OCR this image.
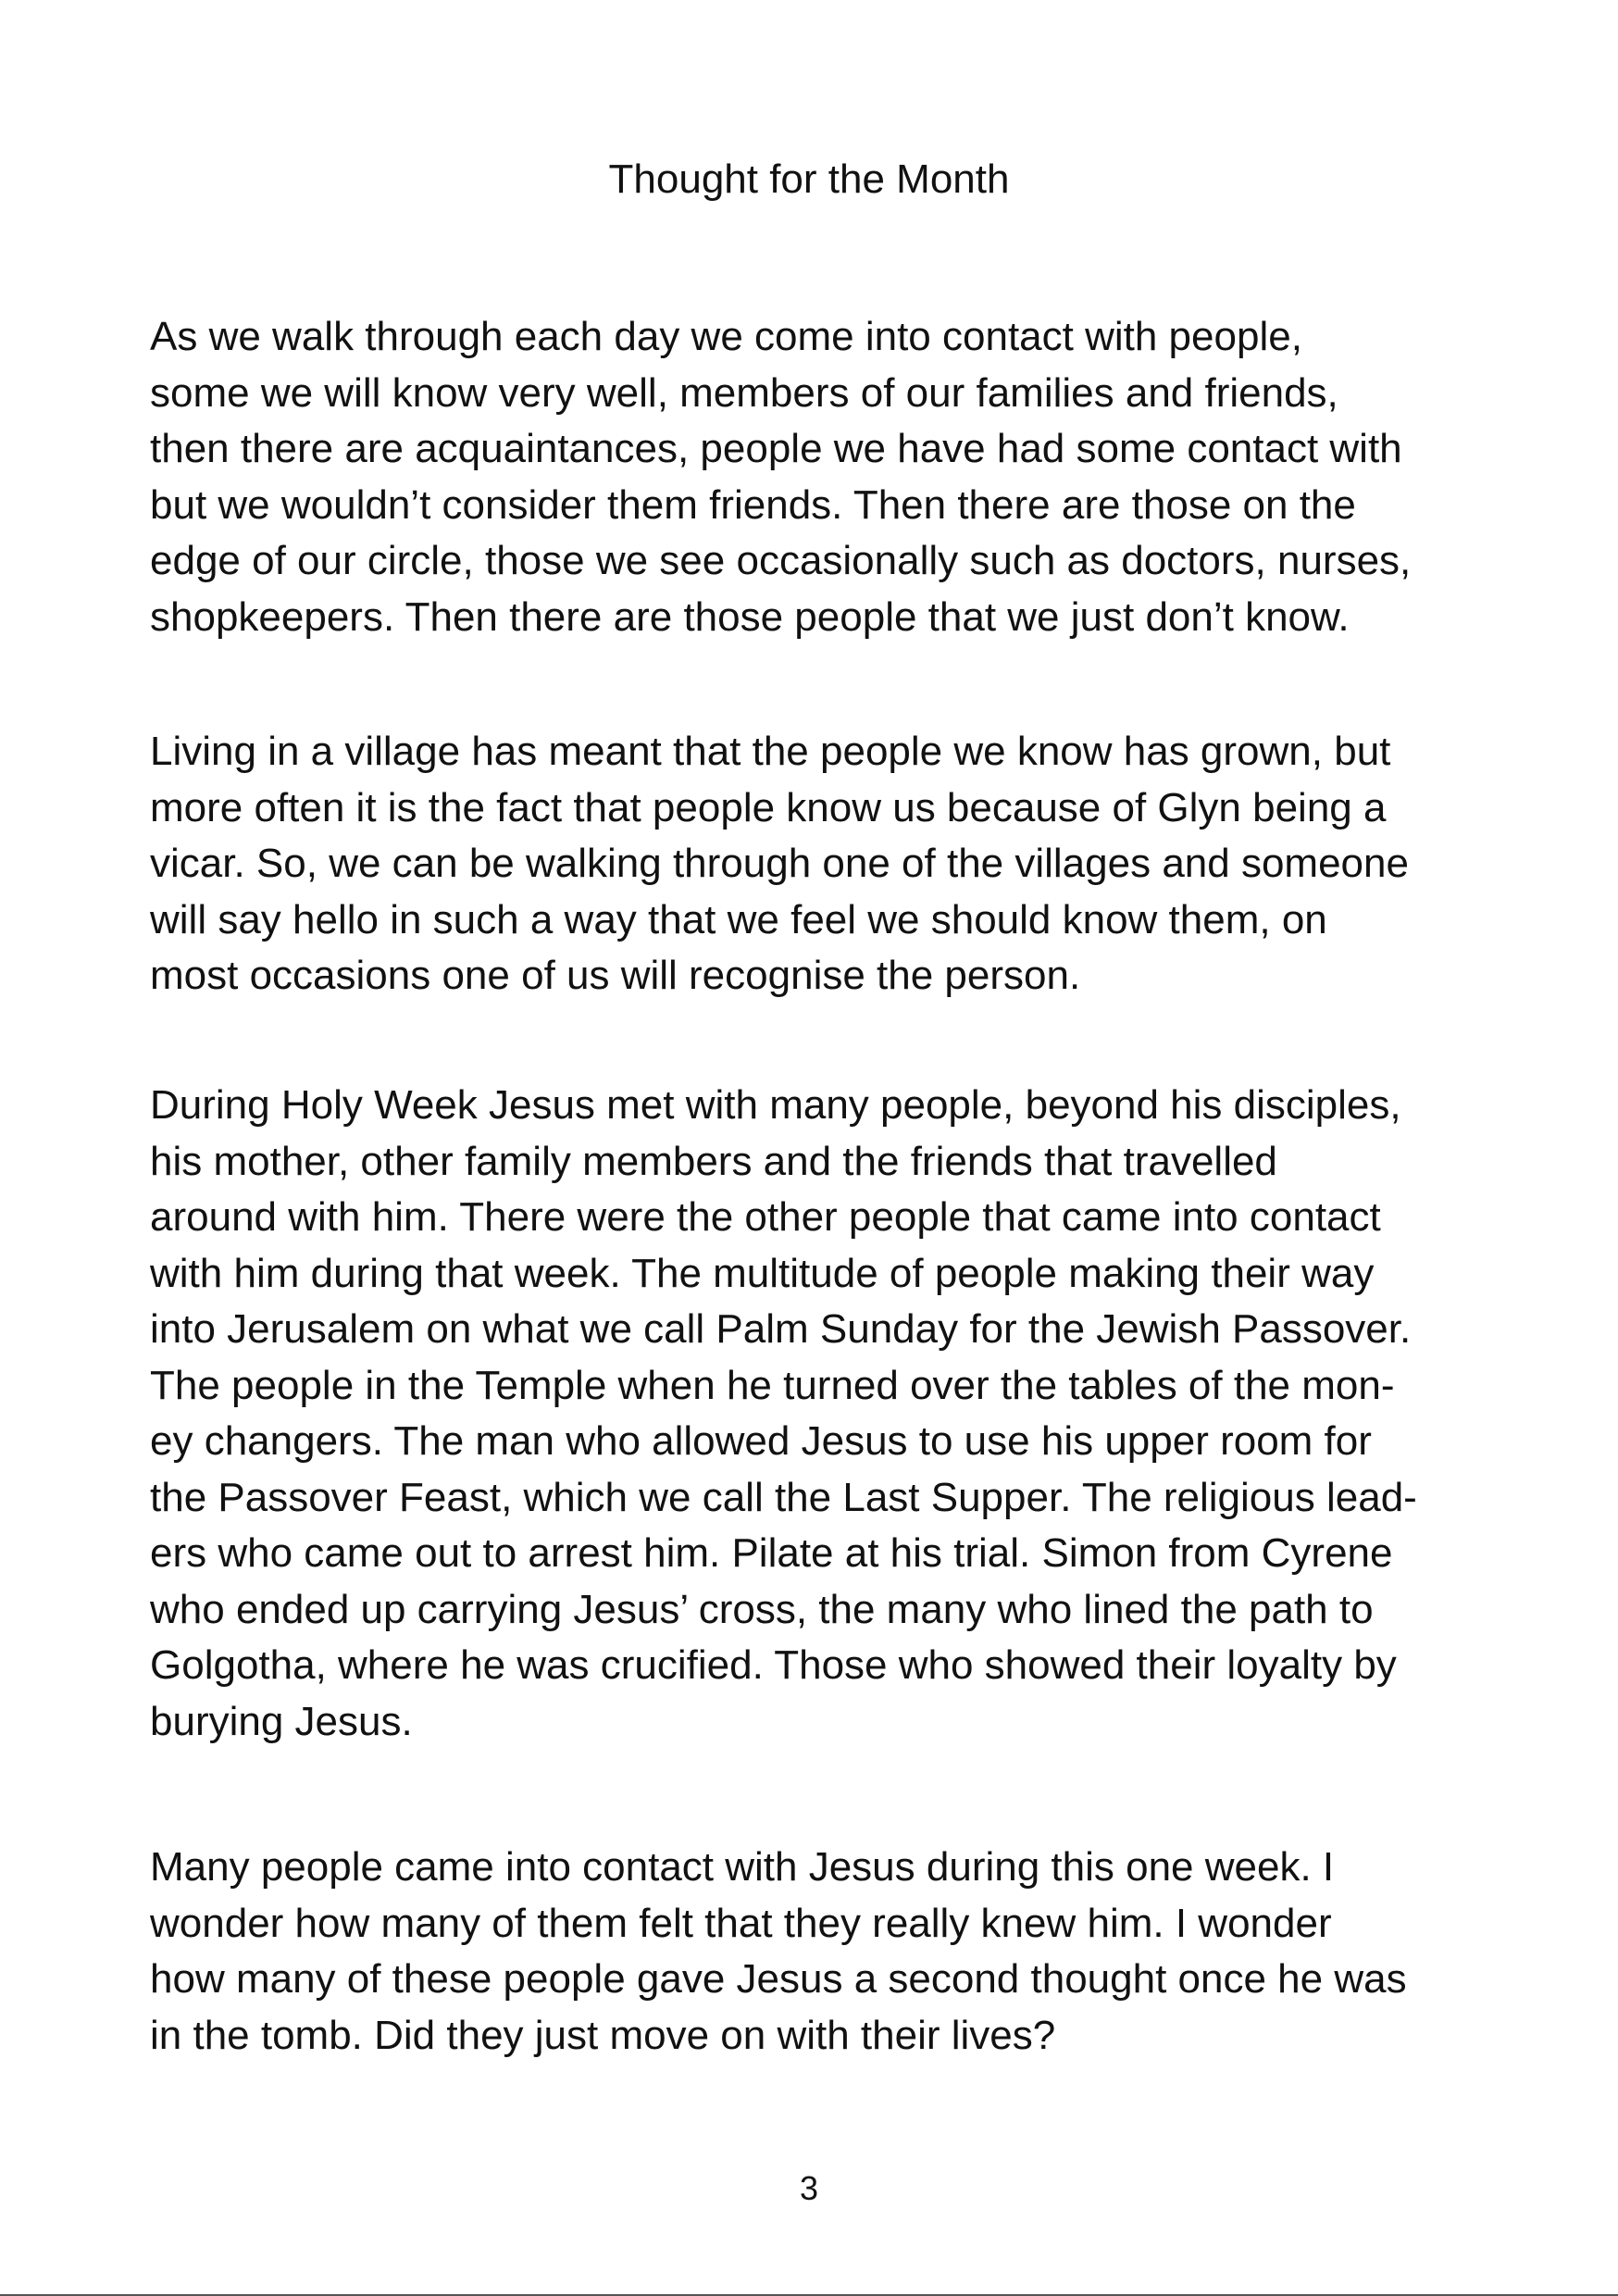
Thought for the Month

As we walk through each day we come into contact with people,
some we will know very well, members of our families and friends,
then there are acquaintances, people we have had some contact with
but we wouldn’t consider them friends. Then there are those on the
edge of our circle, those we see occasionally such as doctors, nurses,
shopkeepers. Then there are those people that we just don’t know.

Living in a village has meant that the people we know has grown, but
more often it is the fact that people know us because of Glyn being a
vicar. So, we can be walking through one of the villages and someone
will say hello in such a way that we feel we should know them, on
most occasions one of us will recognise the person.

During Holy Week Jesus met with many people, beyond his disciples,
his mother, other family members and the friends that travelled
around with him. There were the other people that came into contact
with him during that week. The multitude of people making their way
into Jerusalem on what we call Palm Sunday for the Jewish Passover.
The people in the Temple when he turned over the tables of the mon-
ey changers. The man who allowed Jesus to use his upper room for
the Passover Feast, which we call the Last Supper. The religious lead-
ers who came out to arrest him. Pilate at his trial. Simon from Cyrene
who ended up carrying Jesus’ cross, the many who lined the path to
Golgotha, where he was crucified. Those who showed their loyalty by
burying Jesus.

Many people came into contact with Jesus during this one week. I
wonder how many of them felt that they really knew him. I wonder
how many of these people gave Jesus a second thought once he was
in the tomb. Did they just move on with their lives?

3
